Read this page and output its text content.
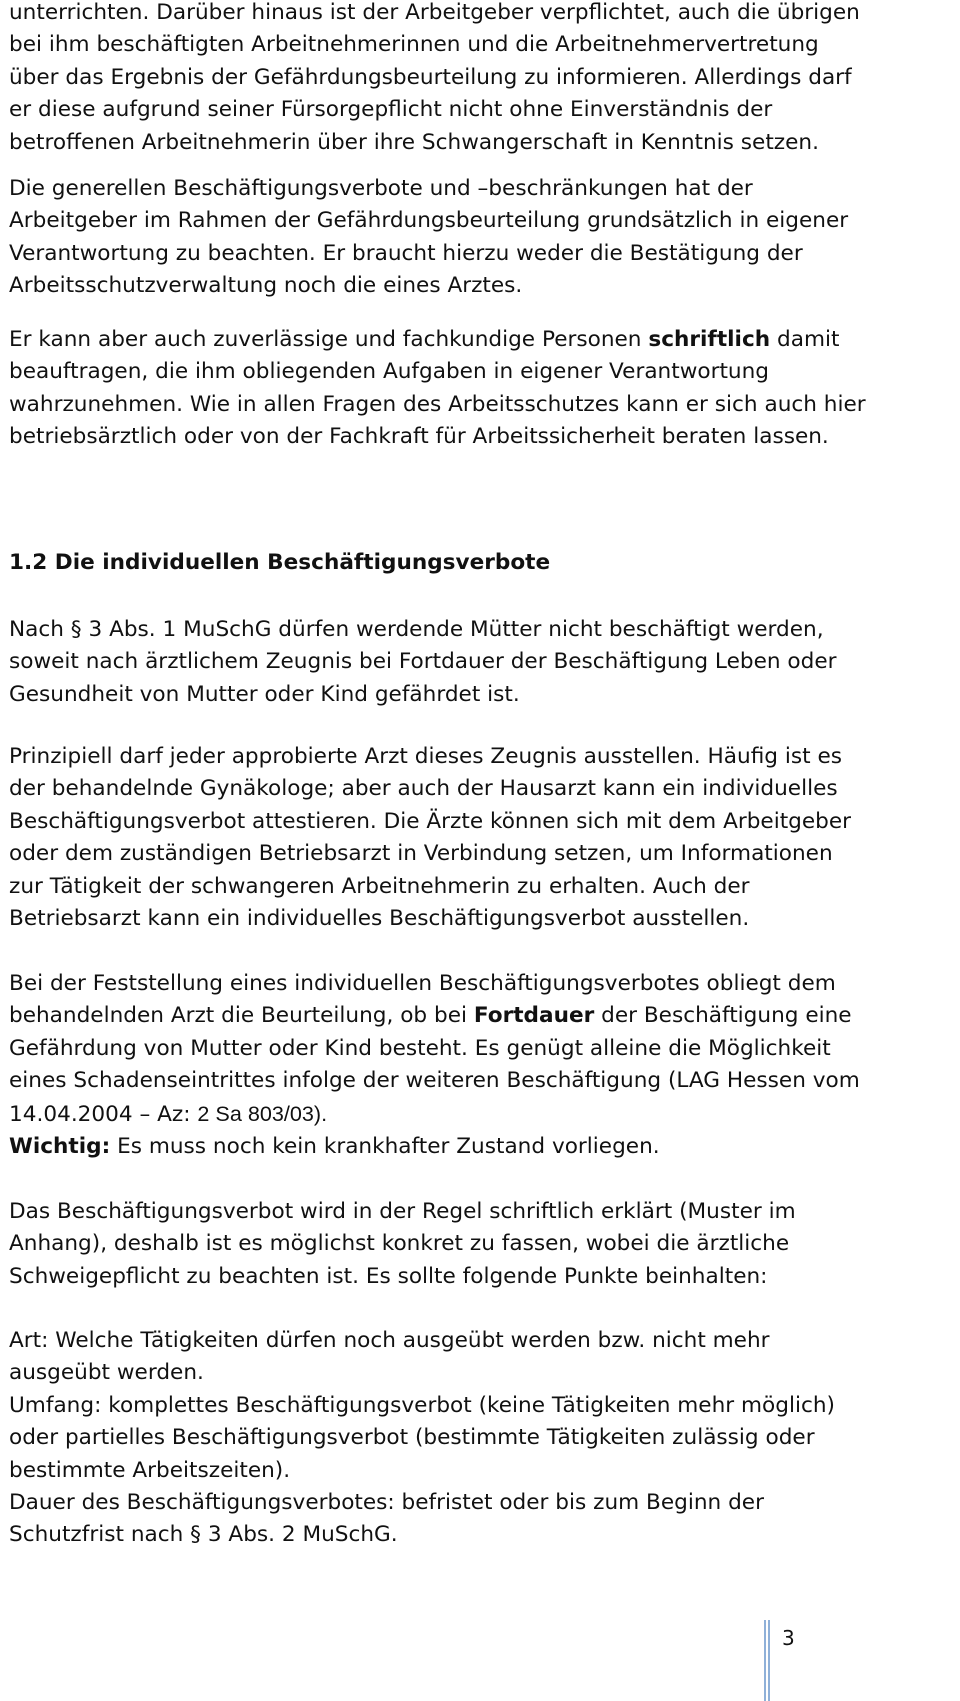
unterrichten. Darüber hinaus ist der Arbeitgeber verpflichtet, auch die übrigen
bei ihm beschäftigten Arbeitnehmerinnen und die Arbeitnehmervertretung
über das Ergebnis der Gefährdungsbeurteilung zu informieren. Allerdings darf
er diese aufgrund seiner Fürsorgepflicht nicht ohne Einverständnis der
betroffenen Arbeitnehmerin über ihre Schwangerschaft in Kenntnis setzen.

Die generellen Beschäftigungsverbote und –beschränkungen hat der
Arbeitgeber im Rahmen der Gefährdungsbeurteilung grundsätzlich in eigener
Verantwortung zu beachten. Er braucht hierzu weder die Bestätigung der
Arbeitsschutzverwaltung noch die eines Arztes.

Er kann aber auch zuverlässige und fachkundige Personen schriftlich damit
beauftragen, die ihm obliegenden Aufgaben in eigener Verantwortung
wahrzunehmen. Wie in allen Fragen des Arbeitsschutzes kann er sich auch hier
betriebsärztlich oder von der Fachkraft für Arbeitssicherheit beraten lassen.

1.2 Die individuellen Beschäftigungsverbote

Nach § 3 Abs. 1 MuSchG dürfen werdende Mütter nicht beschäftigt werden,
soweit nach ärztlichem Zeugnis bei Fortdauer der Beschäftigung Leben oder
Gesundheit von Mutter oder Kind gefährdet ist.

Prinzipiell darf jeder approbierte Arzt dieses Zeugnis ausstellen. Häufig ist es
der behandelnde Gynäkologe; aber auch der Hausarzt kann ein individuelles
Beschäftigungsverbot attestieren. Die Ärzte können sich mit dem Arbeitgeber
oder dem zuständigen Betriebsarzt in Verbindung setzen, um Informationen
zur Tätigkeit der schwangeren Arbeitnehmerin zu erhalten. Auch der
Betriebsarzt kann ein individuelles Beschäftigungsverbot ausstellen.

Bei der Feststellung eines individuellen Beschäftigungsverbotes obliegt dem
behandelnden Arzt die Beurteilung, ob bei Fortdauer der Beschäftigung eine
Gefährdung von Mutter oder Kind besteht. Es genügt alleine die Möglichkeit
eines Schadenseintrittes infolge der weiteren Beschäftigung (LAG Hessen vom
14.04.2004 – Az: 2 Sa 803/03).
Wichtig: Es muss noch kein krankhafter Zustand vorliegen.

Das Beschäftigungsverbot wird in der Regel schriftlich erklärt (Muster im
Anhang), deshalb ist es möglichst konkret zu fassen, wobei die ärztliche
Schweigepflicht zu beachten ist. Es sollte folgende Punkte beinhalten:

Art: Welche Tätigkeiten dürfen noch ausgeübt werden bzw. nicht mehr
ausgeübt werden.
Umfang: komplettes Beschäftigungsverbot (keine Tätigkeiten mehr möglich)
oder partielles Beschäftigungsverbot (bestimmte Tätigkeiten zulässig oder
bestimmte Arbeitszeiten).
Dauer des Beschäftigungsverbotes: befristet oder bis zum Beginn der
Schutzfrist nach § 3 Abs. 2 MuSchG.

3
